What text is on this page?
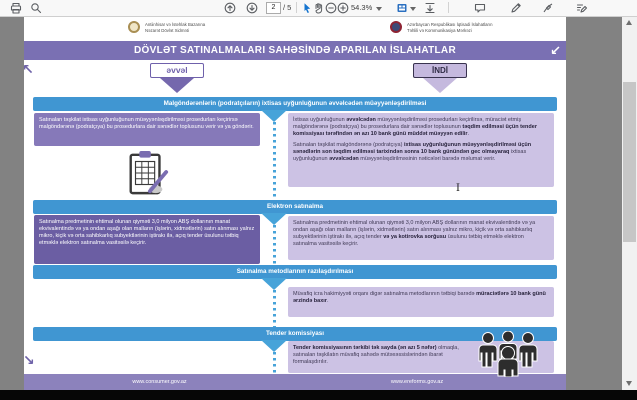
2	/ 5	54.3%
Antiinhisar və İstehlak Bazarına
Nəzarət Dövlət Xidməti
Azərbaycan Respublikası İqtisadi İslahatların
Təhlili və Kommunikasiya Mərkəzi
DÖVLƏT SATINALMALARI SAHƏSİNDƏ APARILAN İSLAHATLAR	↙
↖
↘
əvvəl	İNDİ
Malgöndərənlərin (podratçıların) ixtisas uyğunluğunun əvvəlcədən müəyyənləşdirilməsi
Satınalan təşkilat ixtisas uyğunluğunun müəyyənləşdirilməsi prosedurları keçirirsə malgöndərənə (podratçıya) bu prosedurlara dair sənədlər toplusunu verir və ya göndərir.

İxtisas uyğunluğunun əvvəlcədən müəyyənləşdirilməsi prosedurları keçirilirsə, müraciət etmiş malgöndərənə (podratçıya) bu prosedurlara dair sənədlər toplusunun təqdim edilməsi üçün tender komissiyası tərəfindən ən azı 10 bank günü müddət müəyyən edilir.

Satınalan təşkilat malgöndərənə (podratçıya) ixtisas uyğunluğunun müəyyənləşdirilməsi üçün sənədlərin son təqdim edilməsi tarixindən sonra 10 bank günündən gec olmayaraq ixtisas uyğunluğunun əvvəlcədən müəyyənləşdirilməsinin nəticələri barədə məlumat verir.

Elektron satınalma
Satınalma predmetinin ehtimal olunan qiyməti 3,0 milyon ABŞ dollarının manat ekvivalentində və ya ondan aşağı olan malların (işlərin, xidmətlərin) satın alınması yalnız mikro, kiçik və orta sahibkarlıq subyektlərinin iştirakı ilə, açıq tender üsulunu tətbiq etməklə elektron satınalma vasitəsilə keçirir.

Satınalma predmetinin ehtimal olunan qiyməti 3,0 milyon ABŞ dollarının manat ekvivalentində və ya ondan aşağı olan malların (işlərin, xidmətlərin) satın alınması yalnız mikro, kiçik və orta sahibkarlıq subyektlərinin iştirakı ilə, açıq tender və ya kotirovka sorğusu üsulunu tətbiq etməklə elektron satınalma vasitəsilə keçirir.

Satınalma metodlarının razılaşdırılması

Müvafiq icra hakimiyyəti orqanı digər satınalma metodlarının tətbiqi barədə müraciətlərə 10 bank günü ərzində baxır.

Tender komissiyası

Tender komissiyasının tərkibi tək sayda (ən azı 5 nəfər) olmaqla, satınalan təşkilatın müvafiq sahədə mütəxəssislərindən ibarət formalaşdırılır.

www.consumer.gov.az	www.ereforms.gov.az
I
